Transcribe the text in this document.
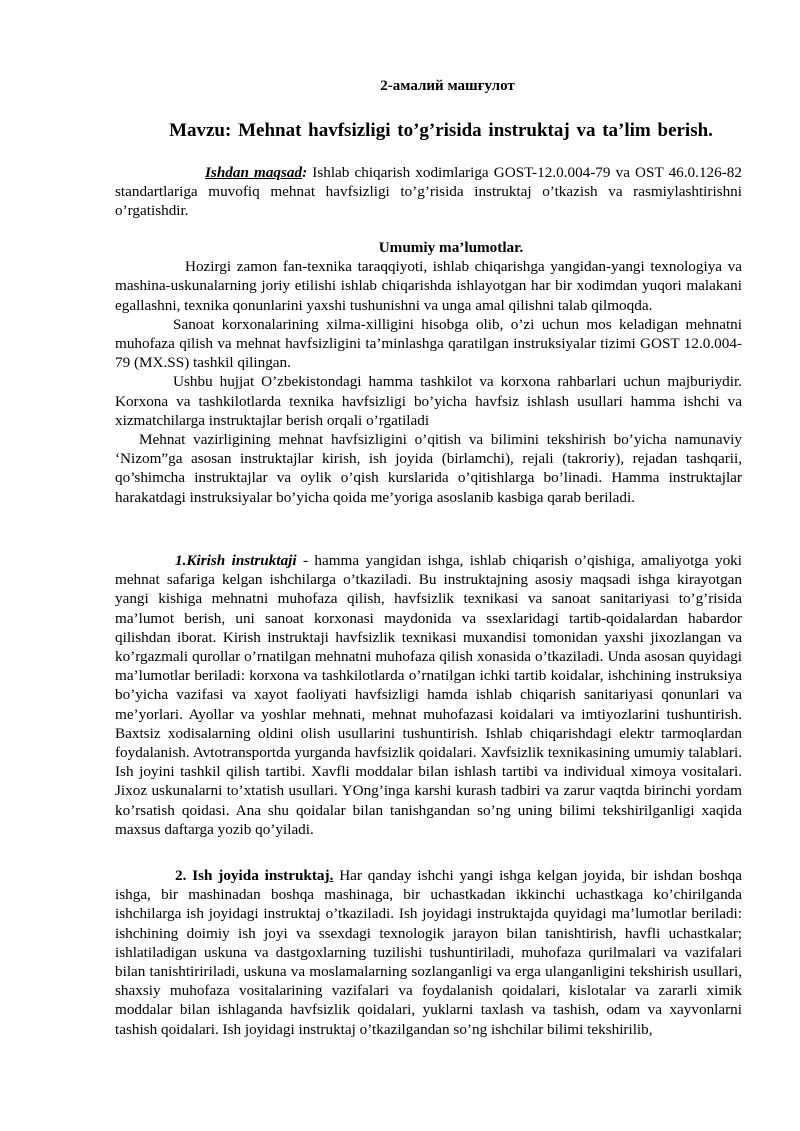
2-амалий машғулот
Mavzu: Mehnat havfsizligi to’g’risida instruktaj va ta’lim berish.

Ishdan maqsad: Ishlab chiqarish xodimlariga GOST-12.0.004-79 va OST 46.0.126-82 standartlariga muvofiq mehnat havfsizligi to’g’risida instruktaj o’tkazish va rasmiylashtirishni o’rgatishdir.

Umumiy ma’lumotlar.

Hozirgi zamon fan-texnika taraqqiyoti, ishlab chiqarishga yangidan-yangi texnologiya va mashina-uskunalarning joriy etilishi ishlab chiqarishda ishlayotgan har bir xodimdan yuqori malakani egallashni, texnika qonunlarini yaxshi tushunishni va unga amal qilishni talab qilmoqda.

Sanoat korxonalarining xilma-xilligini hisobga olib, o’zi uchun mos keladigan mehnatni muhofaza qilish va mehnat havfsizligini ta’minlashga qaratilgan instruksiyalar tizimi GOST 12.0.004-79 (MX.SS) tashkil qilingan.

Ushbu hujjat O’zbekistondagi hamma tashkilot va korxona rahbarlari uchun majburiydir. Korxona va tashkilotlarda texnika havfsizligi bo’yicha havfsiz ishlash usullari hamma ishchi va xizmatchilarga instruktajlar berish orqali o’rgatiladi

Mehnat vazirligining mehnat havfsizligini o’qitish va bilimini tekshirish bo’yicha namunaviy ‘Nizom”ga asosan instruktajlar kirish, ish joyida (birlamchi), rejali (takroriy), rejadan tashqarii, qo’shimcha instruktajlar va oylik o’qish kurslarida o’qitishlarga bo’linadi. Hamma instruktajlar harakatdagi instruksiyalar bo’yicha qoida me’yoriga asoslanib kasbiga qarab beriladi.

1.Kirish instruktaji - hamma yangidan ishga, ishlab chiqarish o’qishiga, amaliyotga yoki mehnat safariga kelgan ishchilarga o’tkaziladi. Bu instruktajning asosiy maqsadi ishga kirayotgan yangi kishiga mehnatni muhofaza qilish, havfsizlik texnikasi va sanoat sanitariyasi to’g’risida ma’lumot berish, uni sanoat korxonasi maydonida va ssexlaridagi tartib-qoidalardan habardor qilishdan iborat. Kirish instruktaji havfsizlik texnikasi muxandisi tomonidan yaxshi jixozlangan va ko’rgazmali qurollar o’rnatilgan mehnatni muhofaza qilish xonasida o’tkaziladi. Unda asosan quyidagi ma’lumotlar beriladi: korxona va tashkilotlarda o’rnatilgan ichki tartib koidalar, ishchining instruksiya bo’yicha vazifasi va xayot faoliyati havfsizligi hamda ishlab chiqarish sanitariyasi qonunlari va me’yorlari. Ayollar va yoshlar mehnati, mehnat muhofazasi koidalari va imtiyozlarini tushuntirish. Baxtsiz xodisalarning oldini olish usullarini tushuntirish. Ishlab chiqarishdagi elektr tarmoqlardan foydalanish. Avtotransportda yurganda havfsizlik qoidalari. Xavfsizlik texnikasining umumiy talablari. Ish joyini tashkil qilish tartibi. Xavfli moddalar bilan ishlash tartibi va individual ximoya vositalari. Jixoz uskunalarni to’xtatish usullari. YOng’inga karshi kurash tadbiri va zarur vaqtda birinchi yordam ko’rsatish qoidasi. Ana shu qoidalar bilan tanishgandan so’ng uning bilimi tekshirilganligi xaqida maxsus daftarga yozib qo’yiladi.

2. Ish joyida instruktaj. Har qanday ishchi yangi ishga kelgan joyida, bir ishdan boshqa ishga, bir mashinadan boshqa mashinaga, bir uchastkadan ikkinchi uchastkaga ko’chirilganda ishchilarga ish joyidagi instruktaj o’tkaziladi. Ish joyidagi instruktajda quyidagi ma’lumotlar beriladi: ishchining doimiy ish joyi va ssexdagi texnologik jarayon bilan tanishtirish, havfli uchastkalar; ishlatiladigan uskuna va dastgoxlarning tuzilishi tushuntiriladi, muhofaza qurilmalari va vazifalari bilan tanishtiririladi, uskuna va moslamalarning sozlanganligi va erga ulanganligini tekshirish usullari, shaxsiy muhofaza vositalarining vazifalari va foydalanish qoidalari, kislotalar va zararli ximik moddalar bilan ishlaganda havfsizlik qoidalari, yuklarni taxlash va tashish, odam va xayvonlarni tashish qoidalari. Ish joyidagi instruktaj o’tkazilgandan so’ng ishchilar bilimi tekshirilib,
